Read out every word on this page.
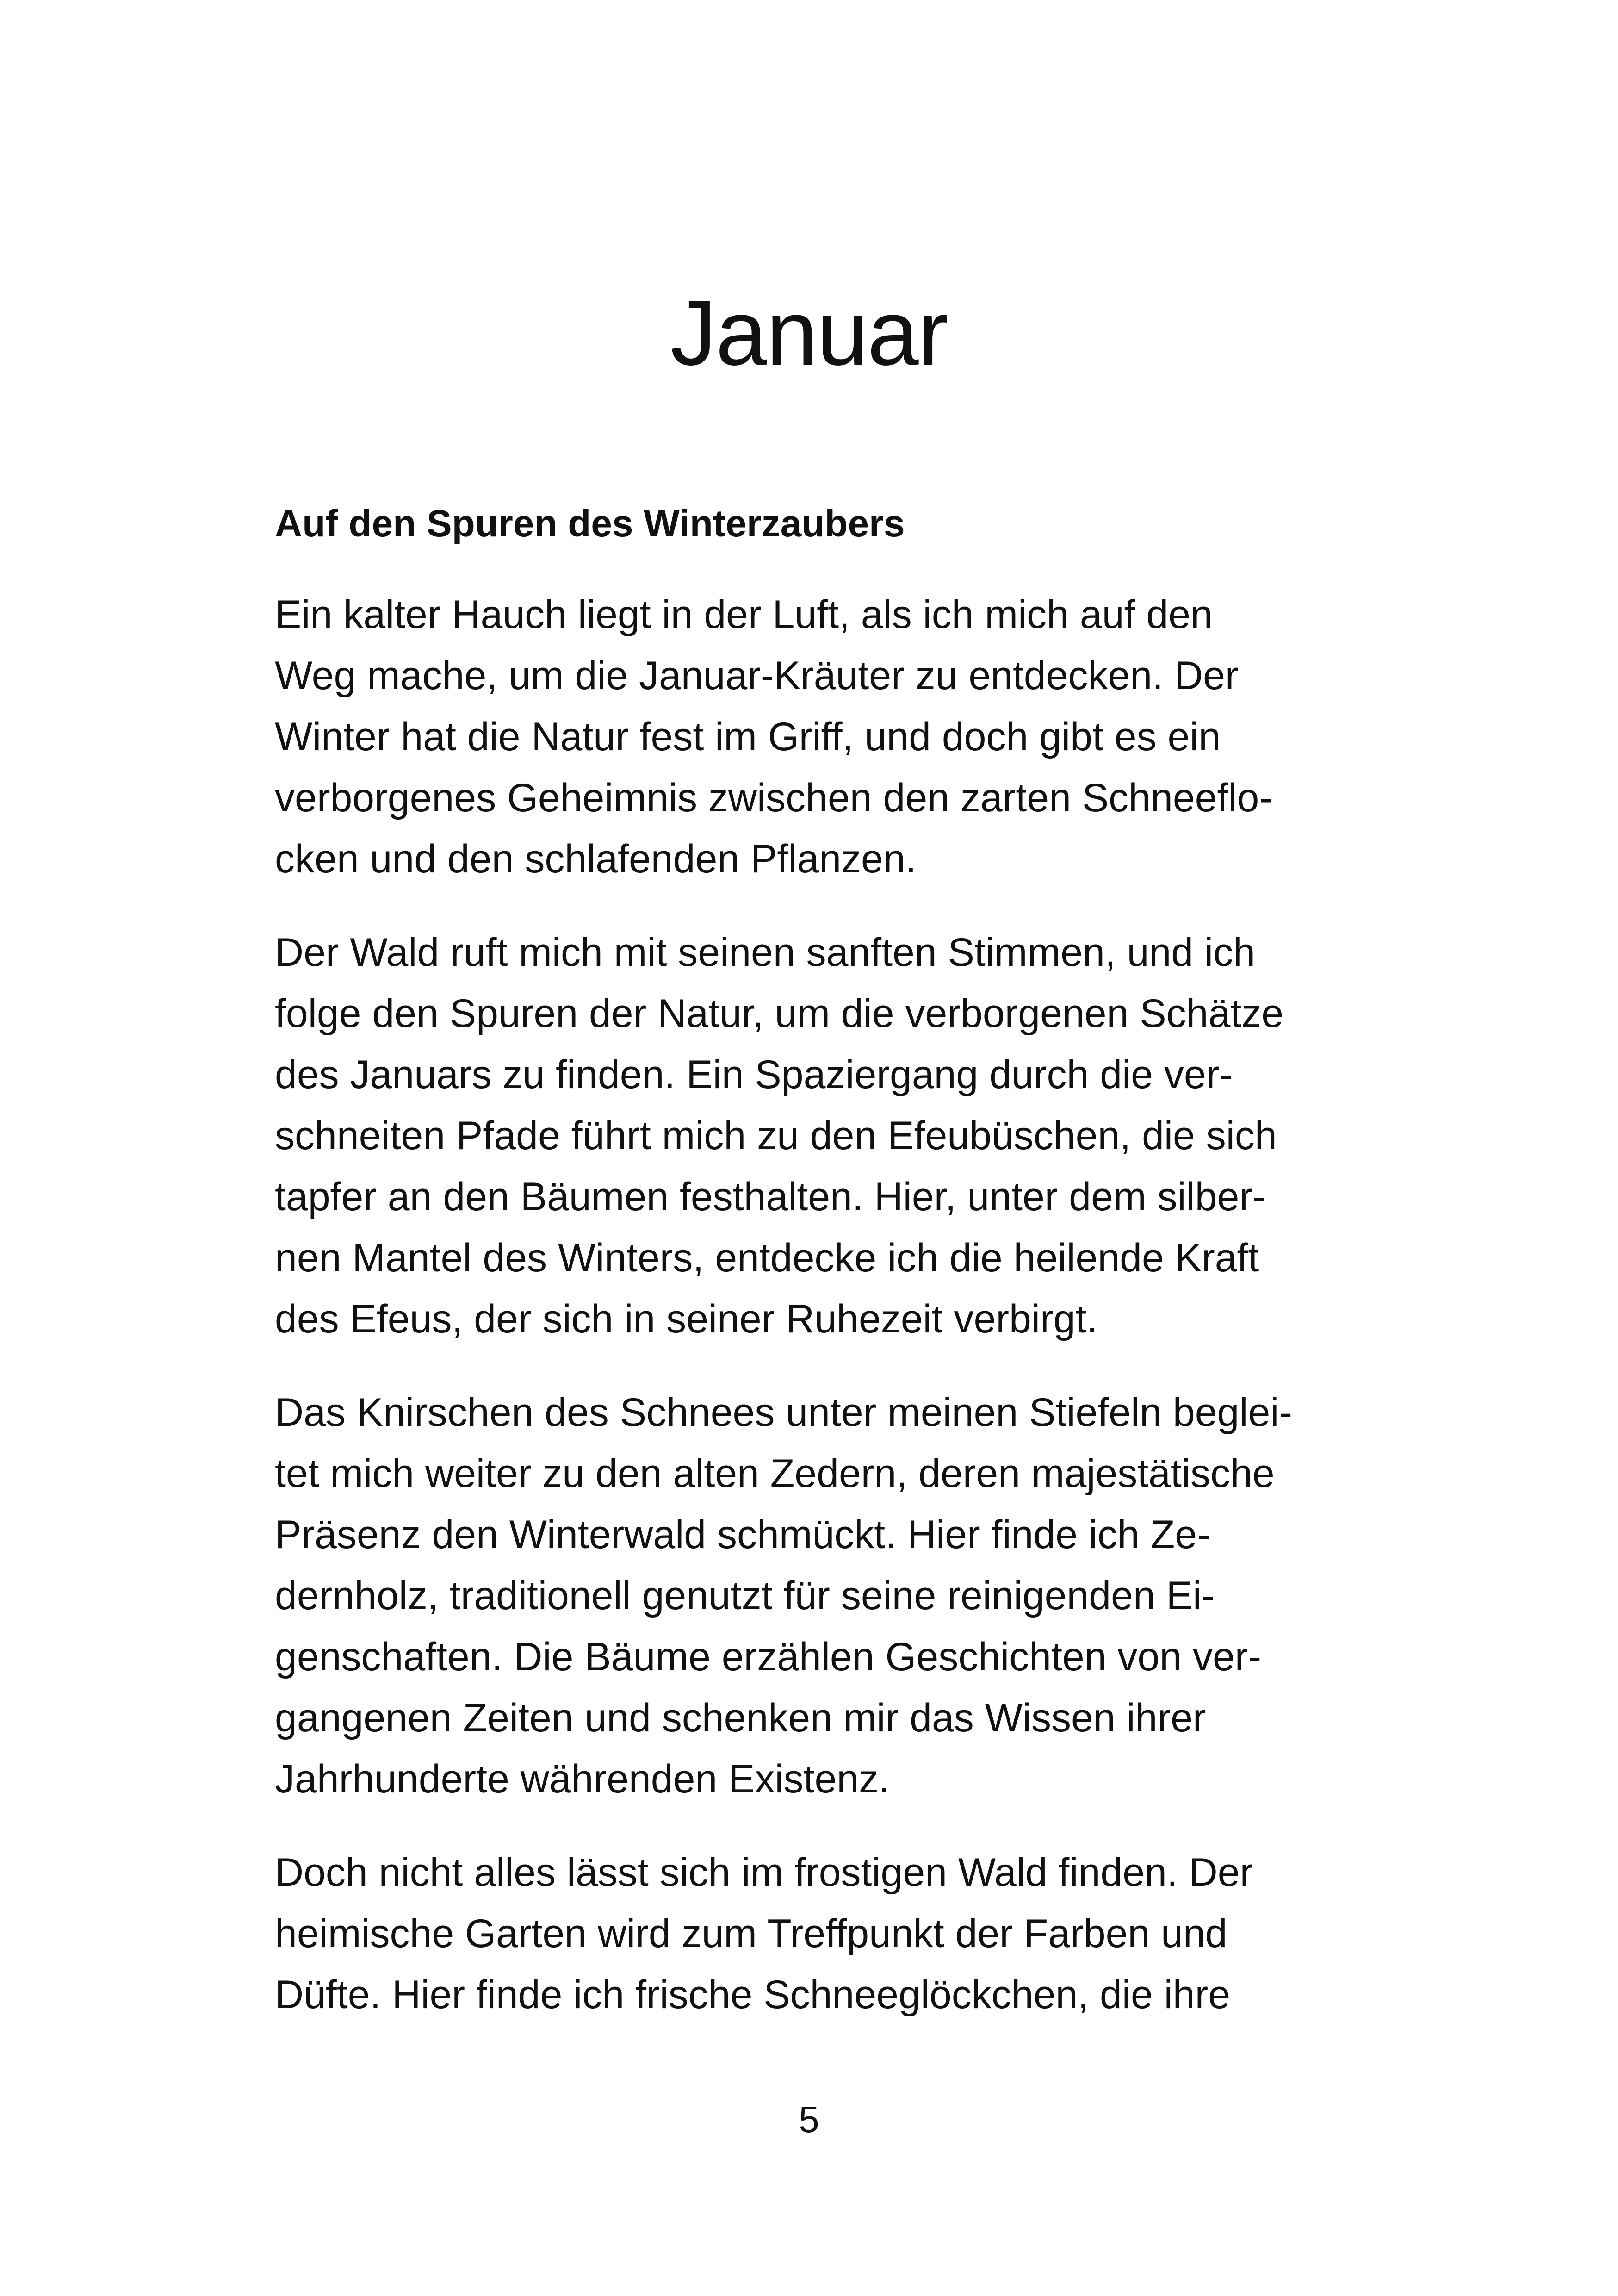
Januar
Auf den Spuren des Winterzaubers

Ein kalter Hauch liegt in der Luft, als ich mich auf den
Weg mache, um die Januar-Kräuter zu entdecken. Der
Winter hat die Natur fest im Griff, und doch gibt es ein
verborgenes Geheimnis zwischen den zarten Schneeflo-
cken und den schlafenden Pflanzen.

Der Wald ruft mich mit seinen sanften Stimmen, und ich
folge den Spuren der Natur, um die verborgenen Schätze
des Januars zu finden. Ein Spaziergang durch die ver-
schneiten Pfade führt mich zu den Efeubüschen, die sich
tapfer an den Bäumen festhalten. Hier, unter dem silber-
nen Mantel des Winters, entdecke ich die heilende Kraft
des Efeus, der sich in seiner Ruhezeit verbirgt.

Das Knirschen des Schnees unter meinen Stiefeln beglei-
tet mich weiter zu den alten Zedern, deren majestätische
Präsenz den Winterwald schmückt. Hier finde ich Ze-
dernholz, traditionell genutzt für seine reinigenden Ei-
genschaften. Die Bäume erzählen Geschichten von ver-
gangenen Zeiten und schenken mir das Wissen ihrer
Jahrhunderte währenden Existenz.

Doch nicht alles lässt sich im frostigen Wald finden. Der
heimische Garten wird zum Treffpunkt der Farben und
Düfte. Hier finde ich frische Schneeglöckchen, die ihre

5
